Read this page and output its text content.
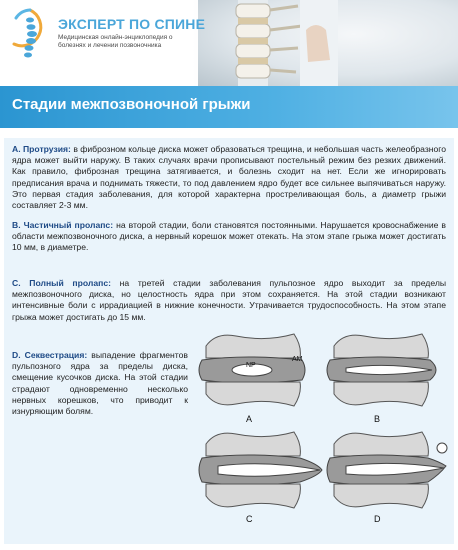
ЭКСПЕРТ ПО СПИНЕ
Медицинская онлайн-энциклопедия о болезнях и лечении позвоночника
Стадии межпозвоночной грыжи
A. Протрузия: в фиброзном кольце диска может образоваться трещина, и небольшая часть желеобразного ядра может выйти наружу. В таких случаях врачи прописывают постельный режим без резких движений. Как правило, фиброзная трещина затягивается, и болезнь сходит на нет. Если же игнорировать предписания врача и поднимать тяжести, то под давлением ядро будет все сильнее выпячиваться наружу. Это первая стадия заболевания, для которой характерна простреливающая боль, а диаметр грыжи составляет 2-3 мм.
B. Частичный пролапс: на второй стадии, боли становятся постоянными. Нарушается кровоснабжение в области межпозвоночного диска, а нервный корешок может отекать. На этом этапе грыжа может достигать 10 мм, в диаметре.
C. Полный пролапс: на третей стадии заболевания пульпозное ядро выходит за пределы межпозвоночного диска, но целостность ядра при этом сохраняется. На этой стадии возникают интенсивные боли с иррадиацией в нижние конечности. Утрачивается трудоспособность. На этом этапе грыжа может достигать до 15 мм.
D. Секвестрация: выпадение фрагментов пульпозного ядра за пределы диска, смещение кусочков диска. На этой стадии страдают одновременно несколько нервных корешков, что приводит к изнуряющим болям.
NP
AM
A	B
C	D
